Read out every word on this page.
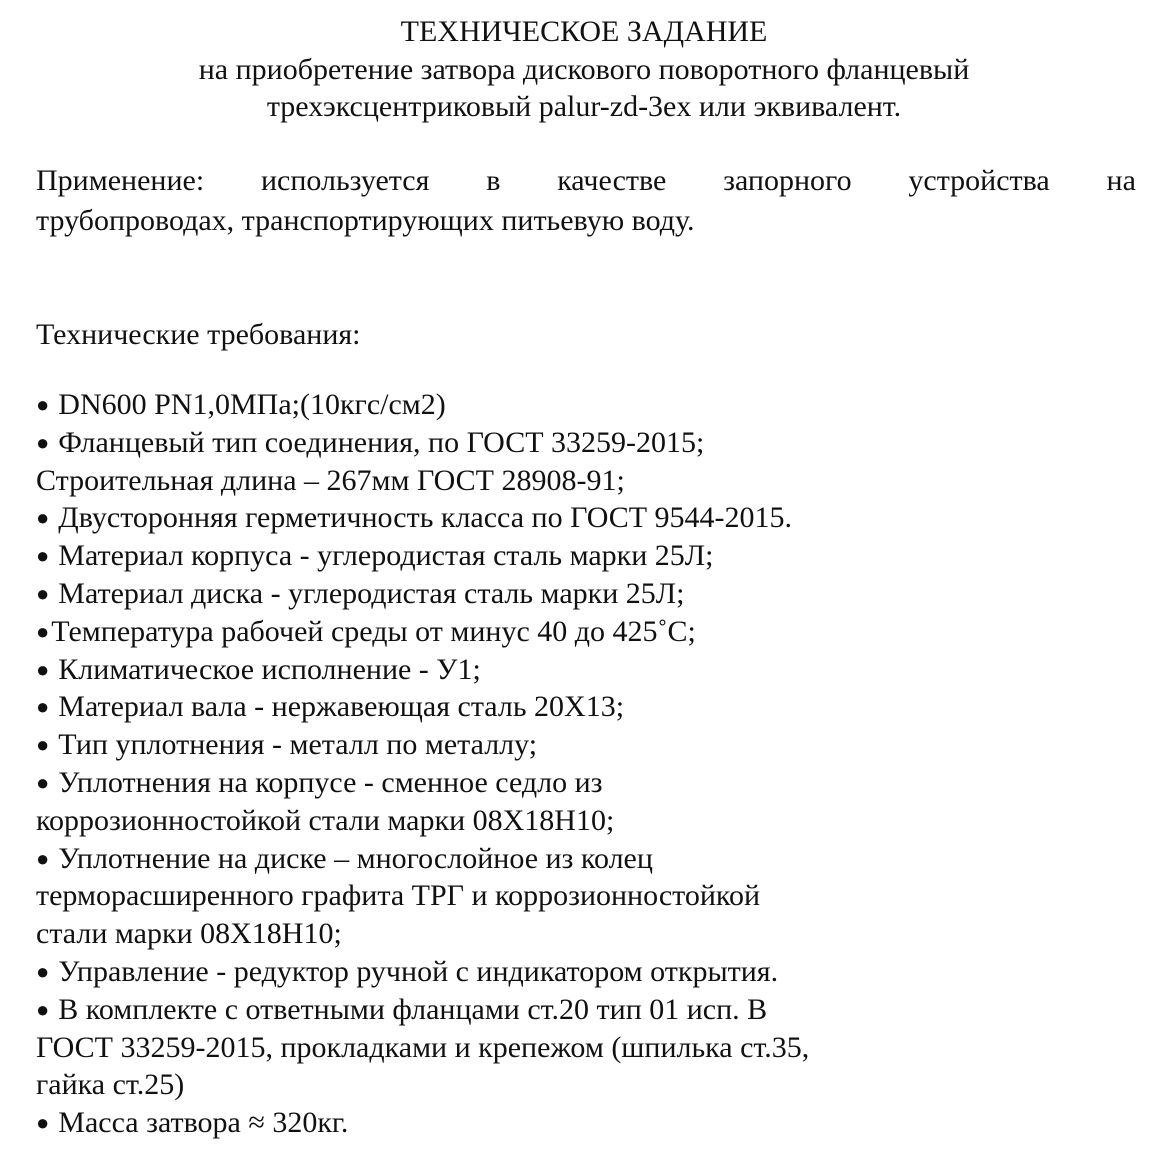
ТЕХНИЧЕСКОЕ ЗАДАНИЕ
на приобретение затвора дискового поворотного фланцевый
трехэксцентриковый palur-zd-3ex или эквивалент.
Применение: используется в качестве запорного устройства на
трубопроводах, транспортирующих питьевую воду.
Технические требования:
● DN600 PN1,0МПа;(10кгс/см2)
● Фланцевый тип соединения, по ГОСТ 33259-2015;
Строительная длина – 267мм ГОСТ 28908-91;
● Двусторонняя герметичность класса по ГОСТ 9544-2015.
● Материал корпуса - углеродистая сталь марки 25Л;
● Материал диска - углеродистая сталь марки 25Л;
●Температура рабочей среды от минус 40 до 425˚С;
● Климатическое исполнение - У1;
● Материал вала - нержавеющая сталь 20Х13;
● Тип уплотнения - металл по металлу;
● Уплотнения на корпусе - сменное седло из
коррозионностойкой стали марки 08Х18Н10;
● Уплотнение на диске – многослойное из колец
терморасширенного графита ТРГ и коррозионностойкой
стали марки 08Х18Н10;
● Управление - редуктор ручной с индикатором открытия.
● В комплекте с ответными фланцами ст.20 тип 01 исп. В
ГОСТ 33259-2015, прокладками и крепежом (шпилька ст.35,
гайка ст.25)
● Масса затвора ≈ 320кг.
